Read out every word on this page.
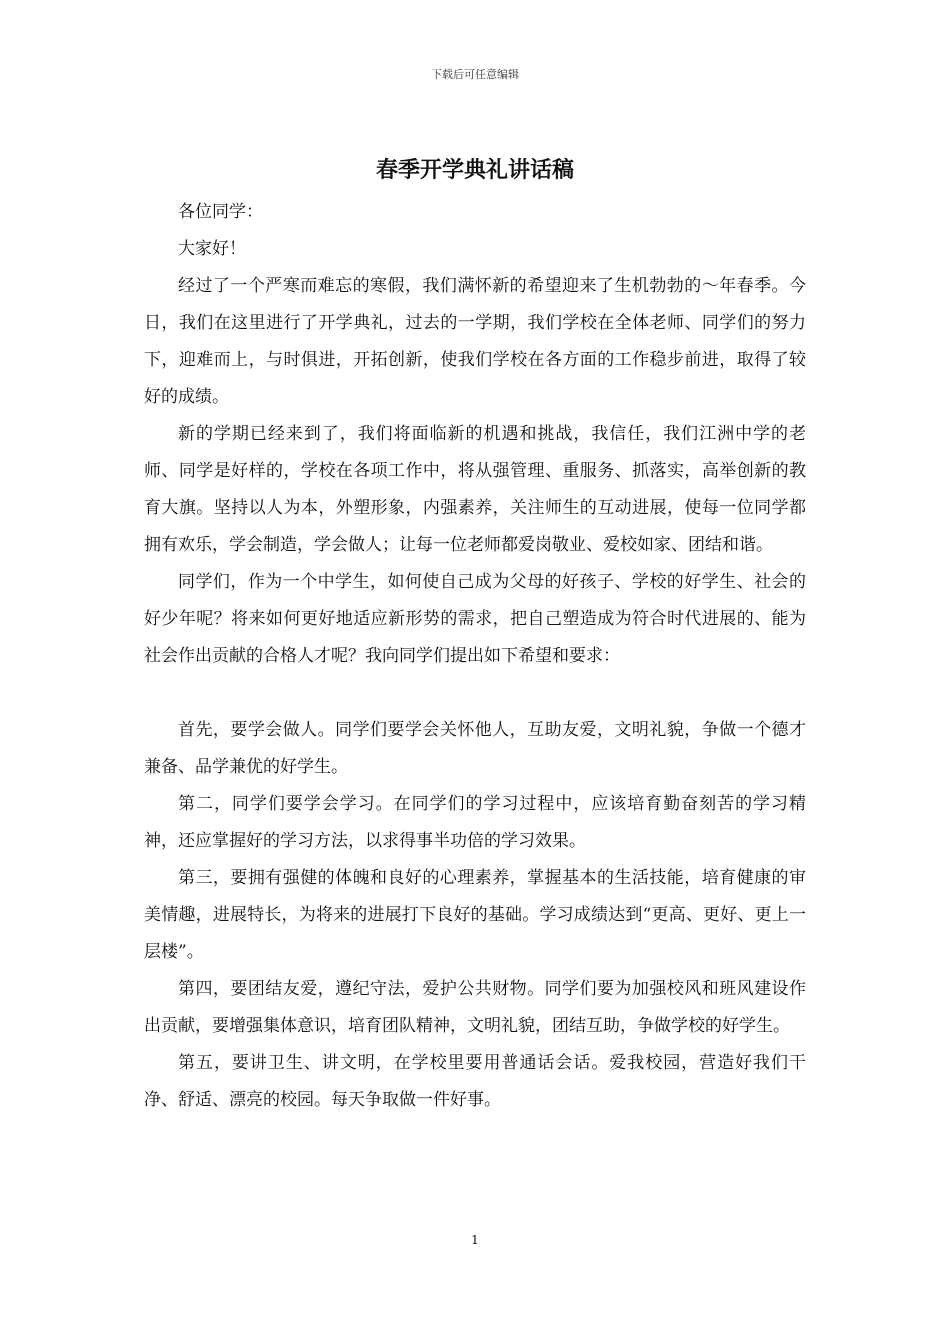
下载后可任意编辑
春季开学典礼讲话稿

各位同学：

大家好！

经过了一个严寒而难忘的寒假，我们满怀新的希望迎来了生机勃勃的～年春季。今日，我们在这里进行了开学典礼，过去的一学期，我们学校在全体老师、同学们的努力下，迎难而上，与时俱进，开拓创新，使我们学校在各方面的工作稳步前进，取得了较好的成绩。

新的学期已经来到了，我们将面临新的机遇和挑战，我信任，我们江洲中学的老师、同学是好样的，学校在各项工作中，将从强管理、重服务、抓落实，高举创新的教育大旗。坚持以人为本，外塑形象，内强素养，关注师生的互动进展，使每一位同学都拥有欢乐，学会制造，学会做人；让每一位老师都爱岗敬业、爱校如家、团结和谐。

同学们，作为一个中学生，如何使自己成为父母的好孩子、学校的好学生、社会的好少年呢？将来如何更好地适应新形势的需求，把自己塑造成为符合时代进展的、能为社会作出贡献的合格人才呢？我向同学们提出如下希望和要求：

首先，要学会做人。同学们要学会关怀他人，互助友爱，文明礼貌，争做一个德才兼备、品学兼优的好学生。

第二，同学们要学会学习。在同学们的学习过程中，应该培育勤奋刻苦的学习精神，还应掌握好的学习方法，以求得事半功倍的学习效果。

第三，要拥有强健的体魄和良好的心理素养，掌握基本的生活技能，培育健康的审美情趣，进展特长，为将来的进展打下良好的基础。学习成绩达到“更高、更好、更上一层楼”。

第四，要团结友爱，遵纪守法，爱护公共财物。同学们要为加强校风和班风建设作出贡献，要增强集体意识，培育团队精神，文明礼貌，团结互助，争做学校的好学生。

第五，要讲卫生、讲文明，在学校里要用普通话会话。爱我校园，营造好我们干净、舒适、漂亮的校园。每天争取做一件好事。

1
